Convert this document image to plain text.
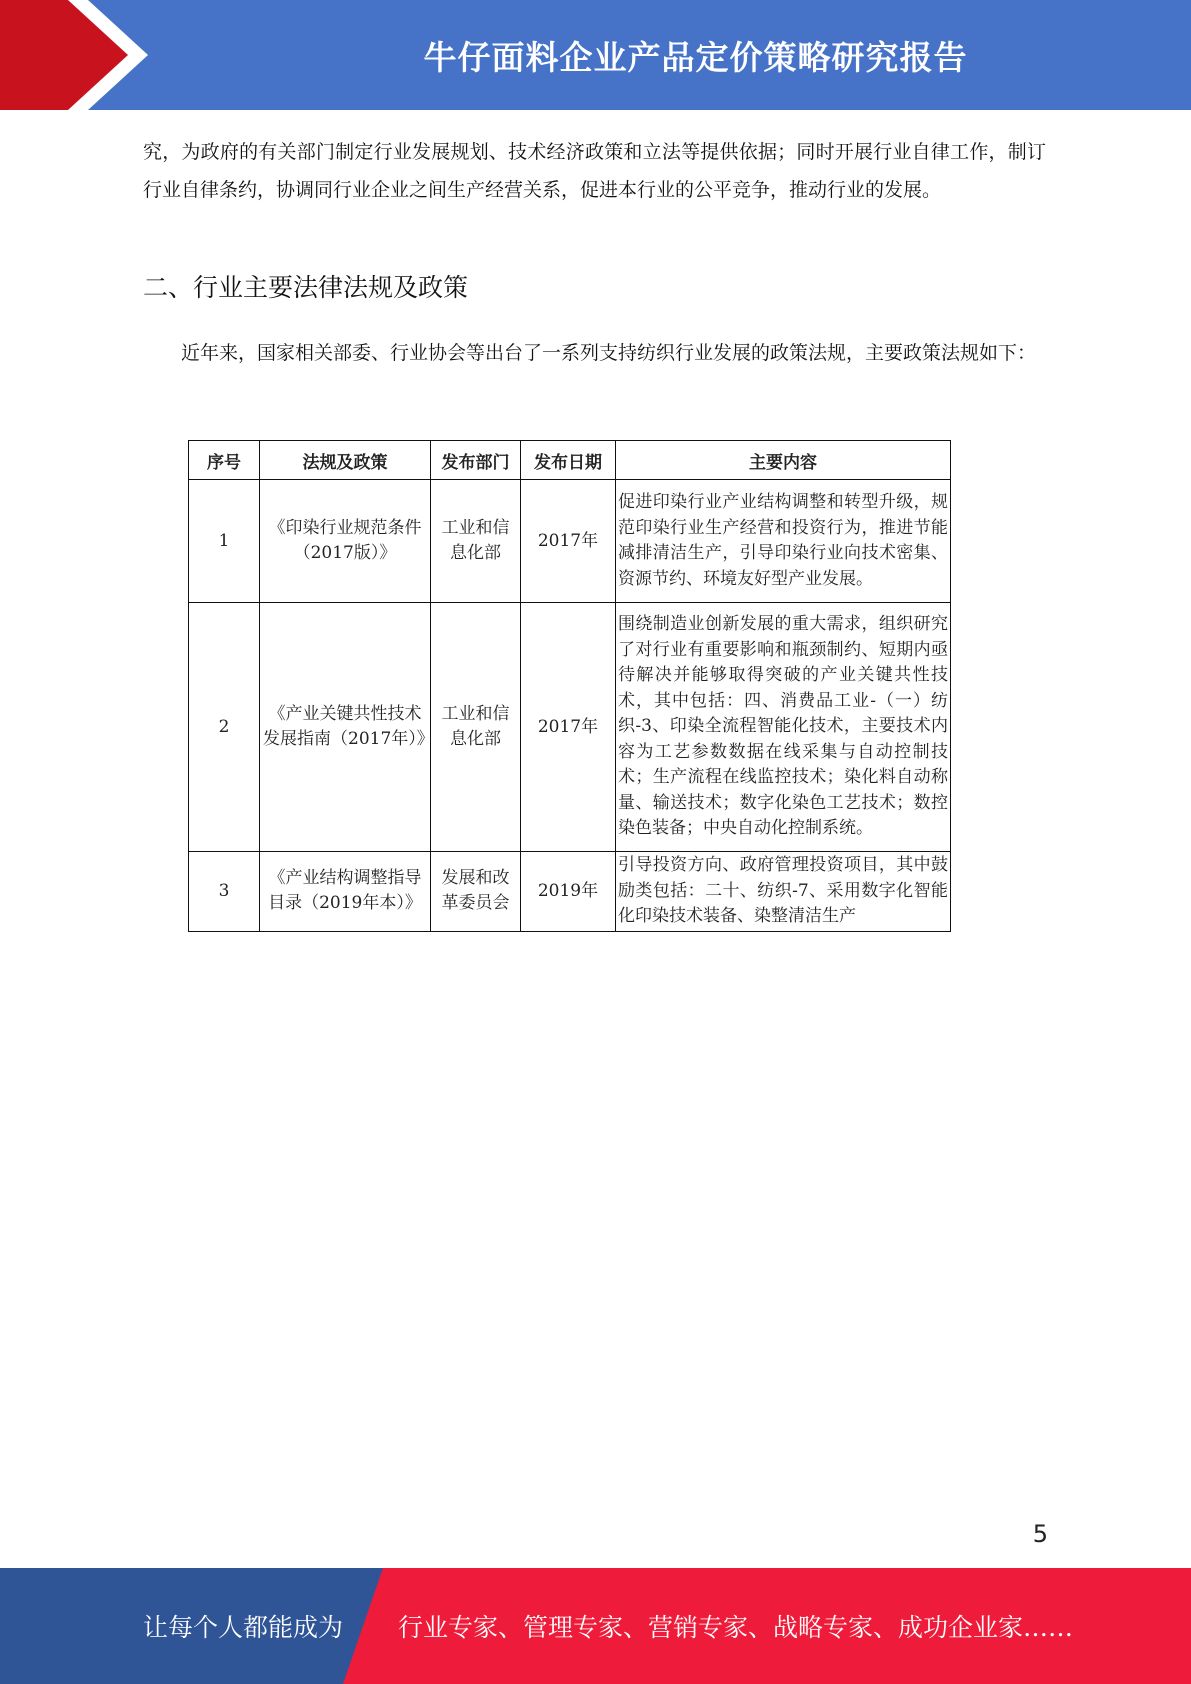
牛仔面料企业产品定价策略研究报告
究，为政府的有关部门制定行业发展规划、技术经济政策和立法等提供依据；同时开展行业自律工作，制订行业自律条约，协调同行业企业之间生产经营关系，促进本行业的公平竞争，推动行业的发展。
二、行业主要法律法规及政策
近年来，国家相关部委、行业协会等出台了一系列支持纺织行业发展的政策法规，主要政策法规如下：
序号	法规及政策	发布部门	发布日期	主要内容
1	《印染行业规范条件（2017版）》	工业和信息化部	2017年	促进印染行业产业结构调整和转型升级，规范印染行业生产经营和投资行为，推进节能减排清洁生产，引导印染行业向技术密集、资源节约、环境友好型产业发展。
2	《产业关键共性技术发展指南（2017年）》	工业和信息化部	2017年	围绕制造业创新发展的重大需求，组织研究了对行业有重要影响和瓶颈制约、短期内亟待解决并能够取得突破的产业关键共性技术，其中包括：四、消费品工业-（一）纺织-3、印染全流程智能化技术，主要技术内容为工艺参数数据在线采集与自动控制技术；生产流程在线监控技术；染化料自动称量、输送技术；数字化染色工艺技术；数控染色装备；中央自动化控制系统。
3	《产业结构调整指导目录（2019年本）》	发展和改革委员会	2019年	引导投资方向、政府管理投资项目，其中鼓励类包括：二十、纺织-7、采用数字化智能化印染技术装备、染整清洁生产
5
让每个人都能成为 行业专家、管理专家、营销专家、战略专家、成功企业家……
